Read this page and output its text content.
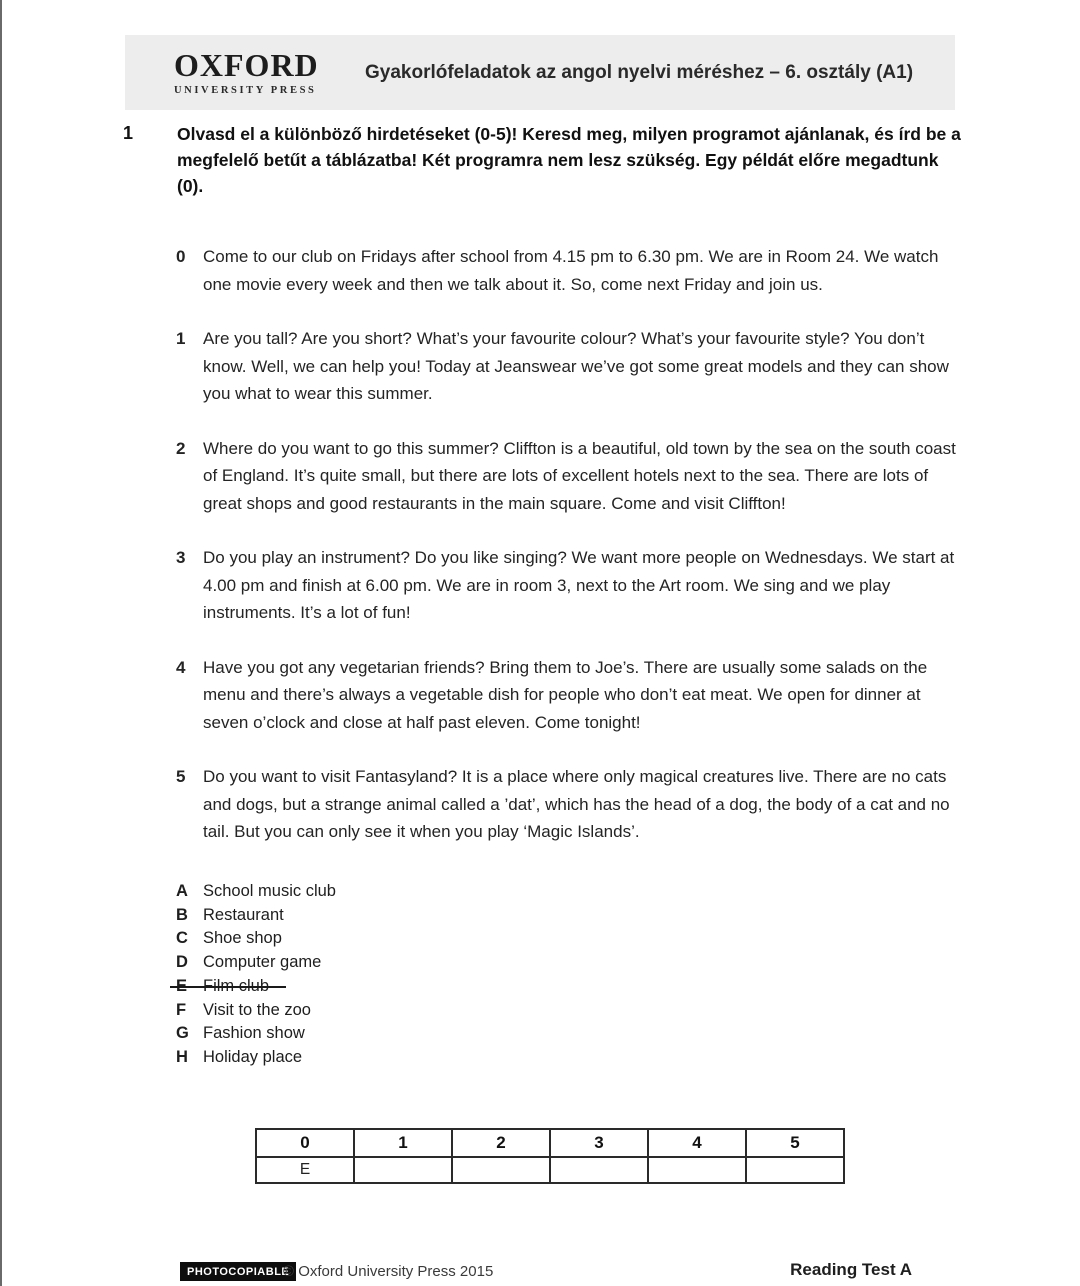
OXFORD
UNIVERSITY PRESS
Gyakorlófeladatok az angol nyelvi méréshez – 6. osztály (A1)
1	Olvasd el a különböző hirdetéseket (0-5)! Keresd meg, milyen programot ajánlanak, és írd be a megfelelő betűt a táblázatba! Két programra nem lesz szükség. Egy példát előre megadtunk (0).
0	Come to our club on Fridays after school from 4.15 pm to 6.30 pm. We are in Room 24. We watch one movie every week and then we talk about it. So, come next Friday and join us.
1	Are you tall? Are you short? What’s your favourite colour? What’s your favourite style? You don’t know. Well, we can help you! Today at Jeanswear we’ve got some great models and they can show you what to wear this summer.
2	Where do you want to go this summer? Cliffton is a beautiful, old town by the sea on the south coast of England. It’s quite small, but there are lots of excellent hotels next to the sea. There are lots of great shops and good restaurants in the main square. Come and visit Cliffton!
3	Do you play an instrument? Do you like singing? We want more people on Wednesdays. We start at 4.00 pm and finish at 6.00 pm. We are in room 3, next to the Art room. We sing and we play instruments. It’s a lot of fun!
4	Have you got any vegetarian friends? Bring them to Joe’s. There are usually some salads on the menu and there’s always a vegetable dish for people who don’t eat meat. We open for dinner at seven o’clock and close at half past eleven. Come tonight!
5	Do you want to visit Fantasyland? It is a place where only magical creatures live. There are no cats and dogs, but a strange animal called a ’dat’, which has the head of a dog, the body of a cat and no tail. But you can only see it when you play ‘Magic Islands’.
A School music club
B Restaurant
C Shoe shop
D Computer game
E Film club
F	Visit to the zoo
G Fashion show
H Holiday place
0	1	2	3	4	5
E					
PHOTOCOPIABLE
© Oxford University Press 2015	Reading Test A
